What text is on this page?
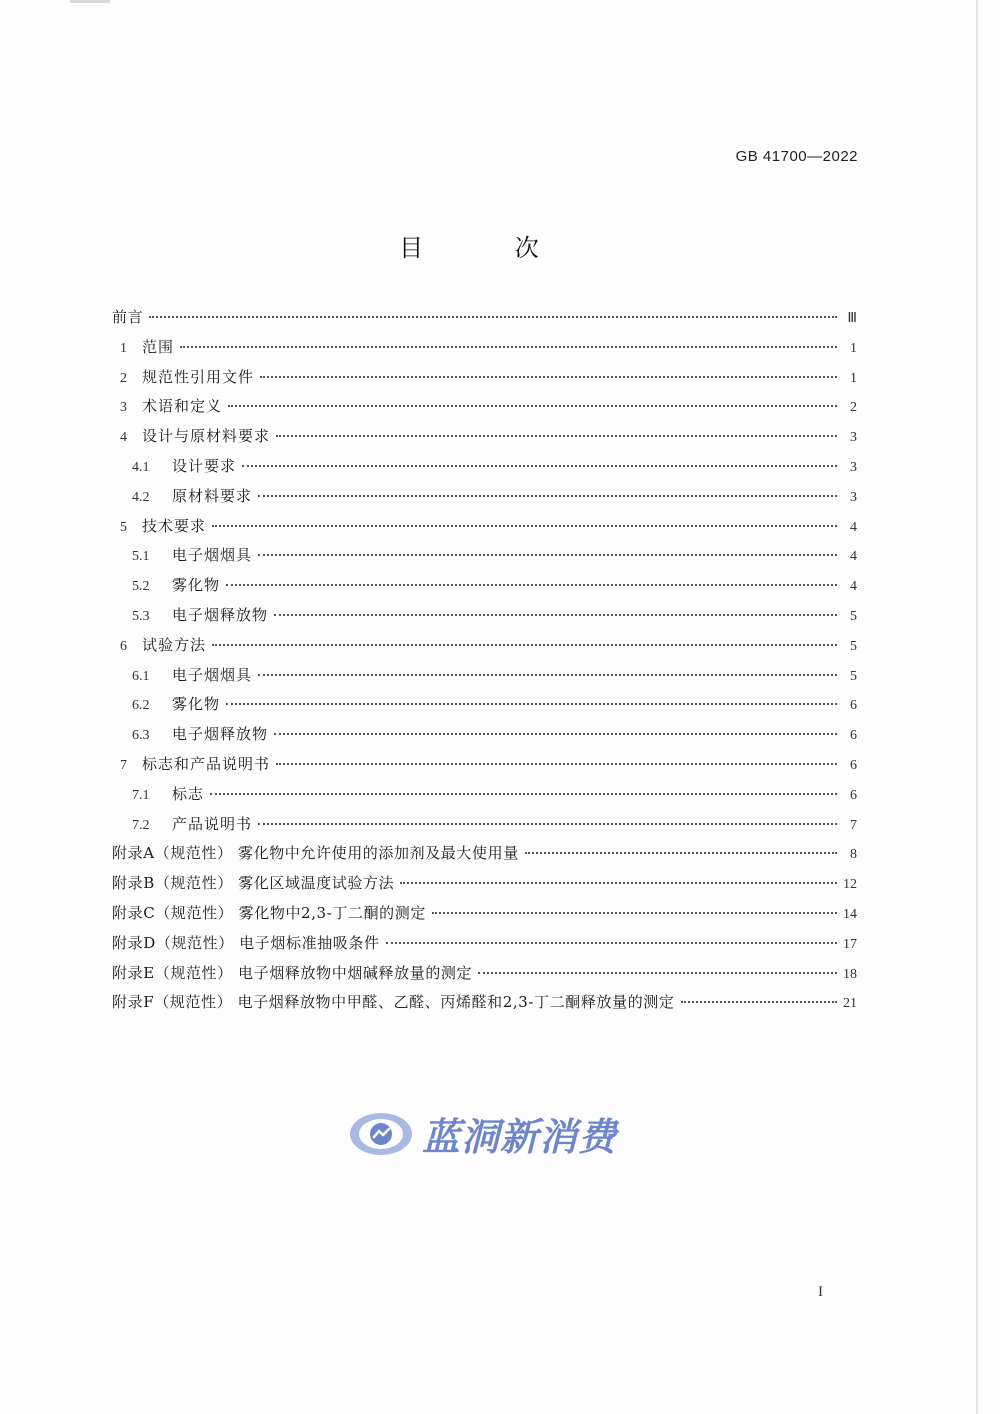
GB 41700—2022
目 次
前言	Ⅲ
1	范围	1
2	规范性引用文件	1
3	术语和定义	2
4	设计与原材料要求	3
4.1	设计要求	3
4.2	原材料要求	3
5	技术要求	4
5.1	电子烟烟具	4
5.2	雾化物	4
5.3	电子烟释放物	5
6	试验方法	5
6.1	电子烟烟具	5
6.2	雾化物	6
6.3	电子烟释放物	6
7	标志和产品说明书	6
7.1	标志	6
7.2	产品说明书	7
附录A（规范性） 雾化物中允许使用的添加剂及最大使用量	8
附录B（规范性） 雾化区域温度试验方法	12
附录C（规范性） 雾化物中2,3-丁二酮的测定	14
附录D（规范性） 电子烟标准抽吸条件	17
附录E（规范性） 电子烟释放物中烟碱释放量的测定	18
附录F（规范性） 电子烟释放物中甲醛、乙醛、丙烯醛和2,3-丁二酮释放量的测定	21
蓝洞新消费
I
